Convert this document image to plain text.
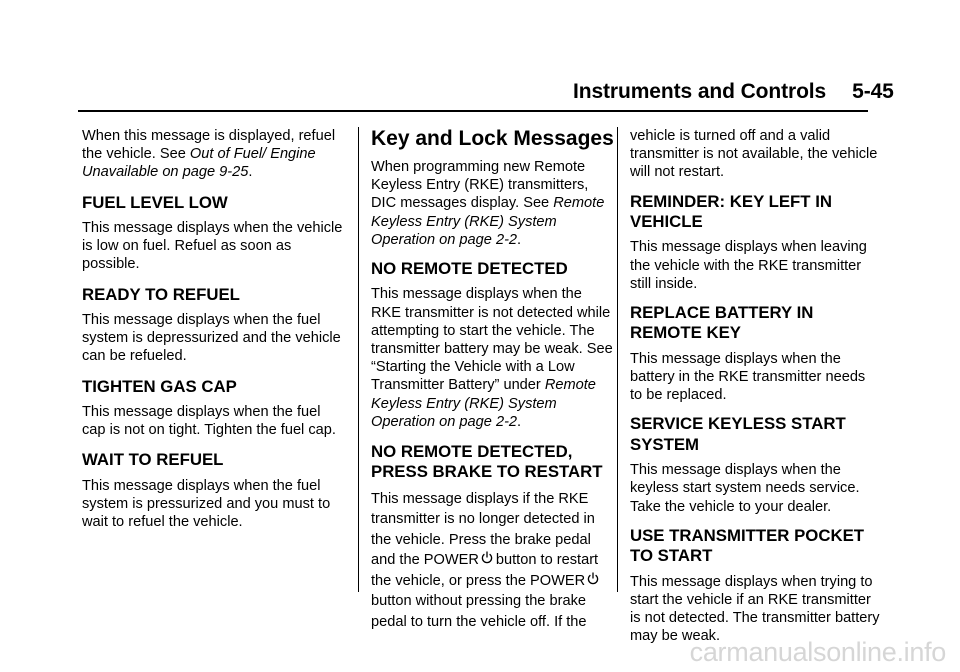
Instruments and Controls 5-45

When this message is displayed, refuel the vehicle. See Out of Fuel/ Engine Unavailable on page 9-25.

FUEL LEVEL LOW

This message displays when the vehicle is low on fuel. Refuel as soon as possible.

READY TO REFUEL

This message displays when the fuel system is depressurized and the vehicle can be refueled.

TIGHTEN GAS CAP

This message displays when the fuel cap is not on tight. Tighten the fuel cap.

WAIT TO REFUEL

This message displays when the fuel system is pressurized and you must to wait to refuel the vehicle.

Key and Lock Messages

When programming new Remote Keyless Entry (RKE) transmitters, DIC messages display. See Remote Keyless Entry (RKE) System Operation on page 2-2.

NO REMOTE DETECTED

This message displays when the RKE transmitter is not detected while attempting to start the vehicle. The transmitter battery may be weak. See “Starting the Vehicle with a Low Transmitter Battery” under Remote Keyless Entry (RKE) System Operation on page 2-2.

NO REMOTE DETECTED, PRESS BRAKE TO RESTART

This message displays if the RKE transmitter is no longer detected in the vehicle. Press the brake pedal and the POWER button to restart the vehicle, or press the POWERbutton without pressing the brake pedal to turn the vehicle off. If the

vehicle is turned off and a valid transmitter is not available, the vehicle will not restart.

REMINDER: KEY LEFT IN VEHICLE

This message displays when leaving the vehicle with the RKE transmitter still inside.

REPLACE BATTERY IN REMOTE KEY

This message displays when the battery in the RKE transmitter needs to be replaced.

SERVICE KEYLESS START SYSTEM

This message displays when the keyless start system needs service. Take the vehicle to your dealer.

USE TRANSMITTER POCKET TO START

This message displays when trying to start the vehicle if an RKE transmitter is not detected. The transmitter battery may be weak.

carmanualsonline.info
